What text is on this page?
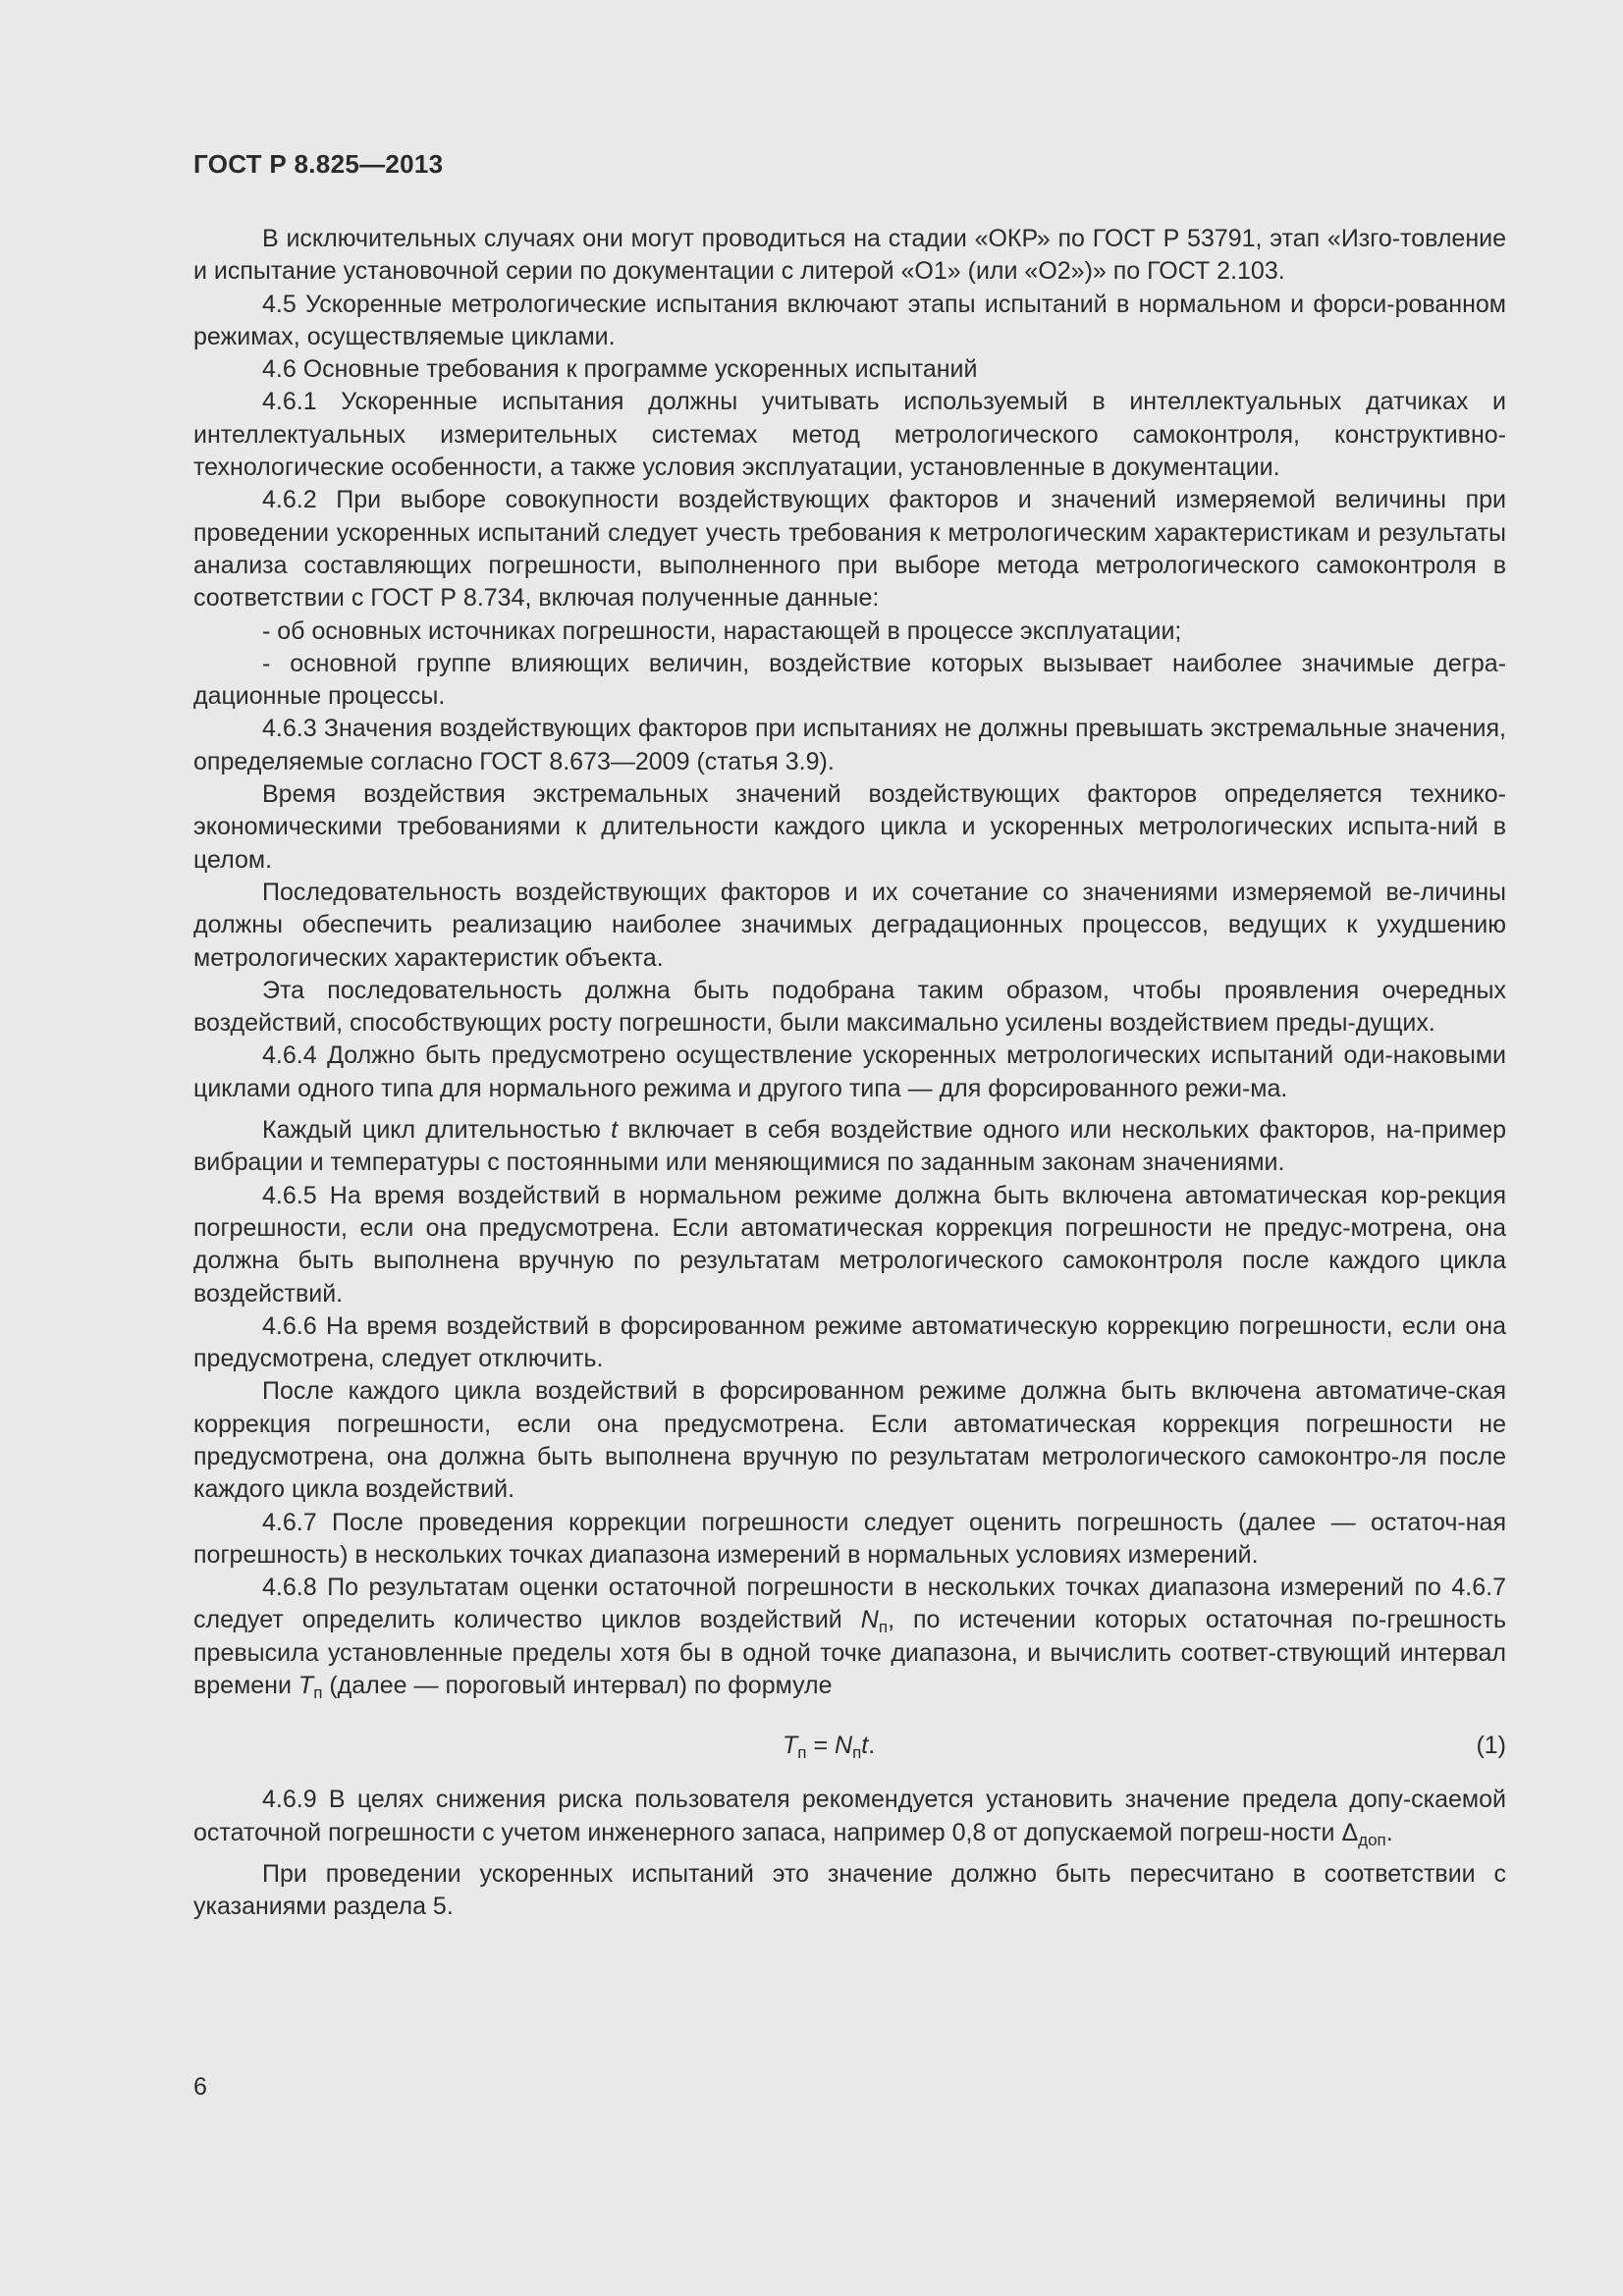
ГОСТ Р 8.825—2013

В исключительных случаях они могут проводиться на стадии «ОКР» по ГОСТ Р 53791, этап «Изго-товление и испытание установочной серии по документации с литерой «О1» (или «О2»)» по ГОСТ 2.103.

4.5 Ускоренные метрологические испытания включают этапы испытаний в нормальном и форси-рованном режимах, осуществляемые циклами.

4.6 Основные требования к программе ускоренных испытаний

4.6.1 Ускоренные испытания должны учитывать используемый в интеллектуальных датчиках и интеллектуальных измерительных системах метод метрологического самоконтроля, конструктивно-технологические особенности, а также условия эксплуатации, установленные в документации.

4.6.2 При выборе совокупности воздействующих факторов и значений измеряемой величины при проведении ускоренных испытаний следует учесть требования к метрологическим характеристикам и результаты анализа составляющих погрешности, выполненного при выборе метода метрологического самоконтроля в соответствии с ГОСТ Р 8.734, включая полученные данные:

- об основных источниках погрешности, нарастающей в процессе эксплуатации;

- основной группе влияющих величин, воздействие которых вызывает наиболее значимые дегра-дационные процессы.

4.6.3 Значения воздействующих факторов при испытаниях не должны превышать экстремальные значения, определяемые согласно ГОСТ 8.673—2009 (статья 3.9).

Время воздействия экстремальных значений воздействующих факторов определяется технико-экономическими требованиями к длительности каждого цикла и ускоренных метрологических испыта-ний в целом.

Последовательность воздействующих факторов и их сочетание со значениями измеряемой ве-личины должны обеспечить реализацию наиболее значимых деградационных процессов, ведущих к ухудшению метрологических характеристик объекта.

Эта последовательность должна быть подобрана таким образом, чтобы проявления очередных воздействий, способствующих росту погрешности, были максимально усилены воздействием преды-дущих.

4.6.4 Должно быть предусмотрено осуществление ускоренных метрологических испытаний оди-наковыми циклами одного типа для нормального режима и другого типа — для форсированного режи-ма.

Каждый цикл длительностью t включает в себя воздействие одного или нескольких факторов, на-пример вибрации и температуры с постоянными или меняющимися по заданным законам значениями.

4.6.5 На время воздействий в нормальном режиме должна быть включена автоматическая кор-рекция погрешности, если она предусмотрена. Если автоматическая коррекция погрешности не предус-мотрена, она должна быть выполнена вручную по результатам метрологического самоконтроля после каждого цикла воздействий.

4.6.6 На время воздействий в форсированном режиме автоматическую коррекцию погрешности, если она предусмотрена, следует отключить.

После каждого цикла воздействий в форсированном режиме должна быть включена автоматиче-ская коррекция погрешности, если она предусмотрена. Если автоматическая коррекция погрешности не предусмотрена, она должна быть выполнена вручную по результатам метрологического самоконтро-ля после каждого цикла воздействий.

4.6.7 После проведения коррекции погрешности следует оценить погрешность (далее — остаточ-ная погрешность) в нескольких точках диапазона измерений в нормальных условиях измерений.

4.6.8 По результатам оценки остаточной погрешности в нескольких точках диапазона измерений по 4.6.7 следует определить количество циклов воздействий $N_п$, по истечении которых остаточная по-грешность превысила установленные пределы хотя бы в одной точке диапазона, и вычислить соответ-ствующий интервал времени $T_п$ (далее — пороговый интервал) по формуле

$T_п = N_пt$.	(1)

4.6.9 В целях снижения риска пользователя рекомендуется установить значение предела допу-скаемой остаточной погрешности с учетом инженерного запаса, например 0,8 от допускаемой погреш-ности $\Delta_{доп}$.

При проведении ускоренных испытаний это значение должно быть пересчитано в соответствии с указаниями раздела 5.

6
